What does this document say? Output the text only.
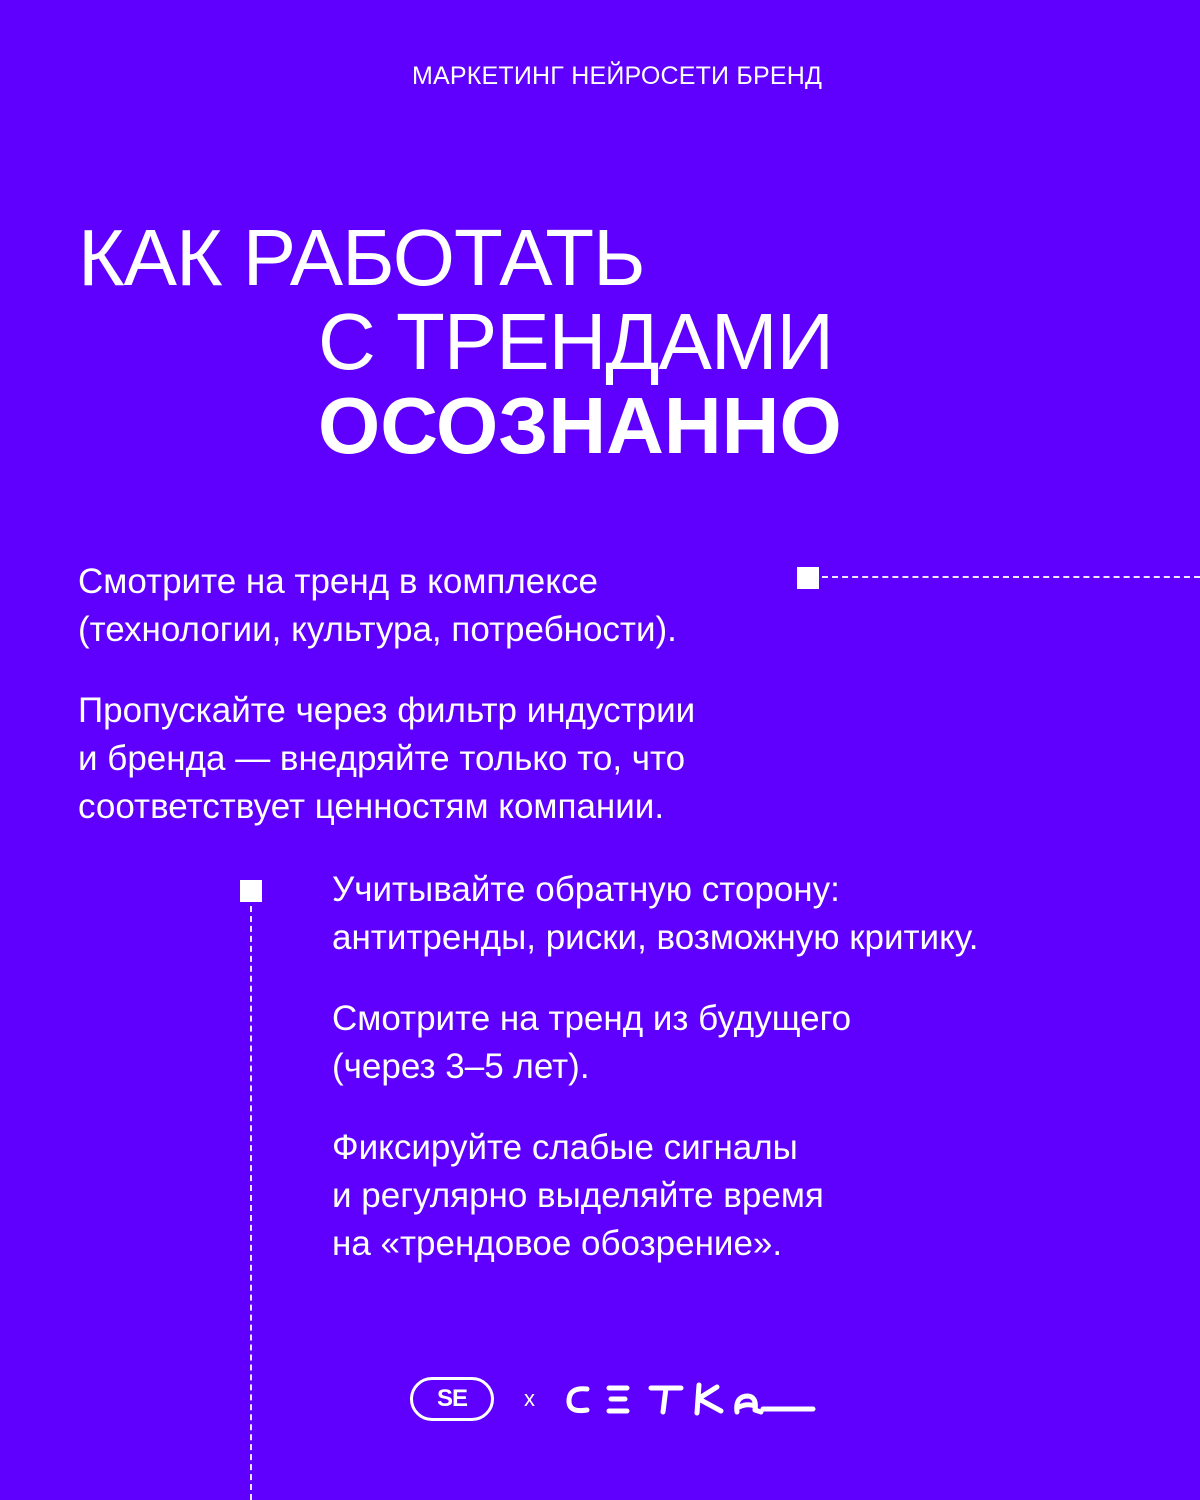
МАРКЕТИНГ НЕЙРОСЕТИ БРЕНД
КАК РАБОТАТЬ
С ТРЕНДАМИ
ОСОЗНАННО

Смотрите на тренд в комплексе
(технологии, культура, потребности).

Пропускайте через фильтр индустрии
и бренда — внедряйте только то, что
соответствует ценностям компании.

Учитывайте обратную сторону:
антитренды, риски, возможную критику.

Смотрите на тренд из будущего
(через 3–5 лет).

Фиксируйте слабые сигналы
и регулярно выделяйте время
на «трендовое обозрение».

SE	x
